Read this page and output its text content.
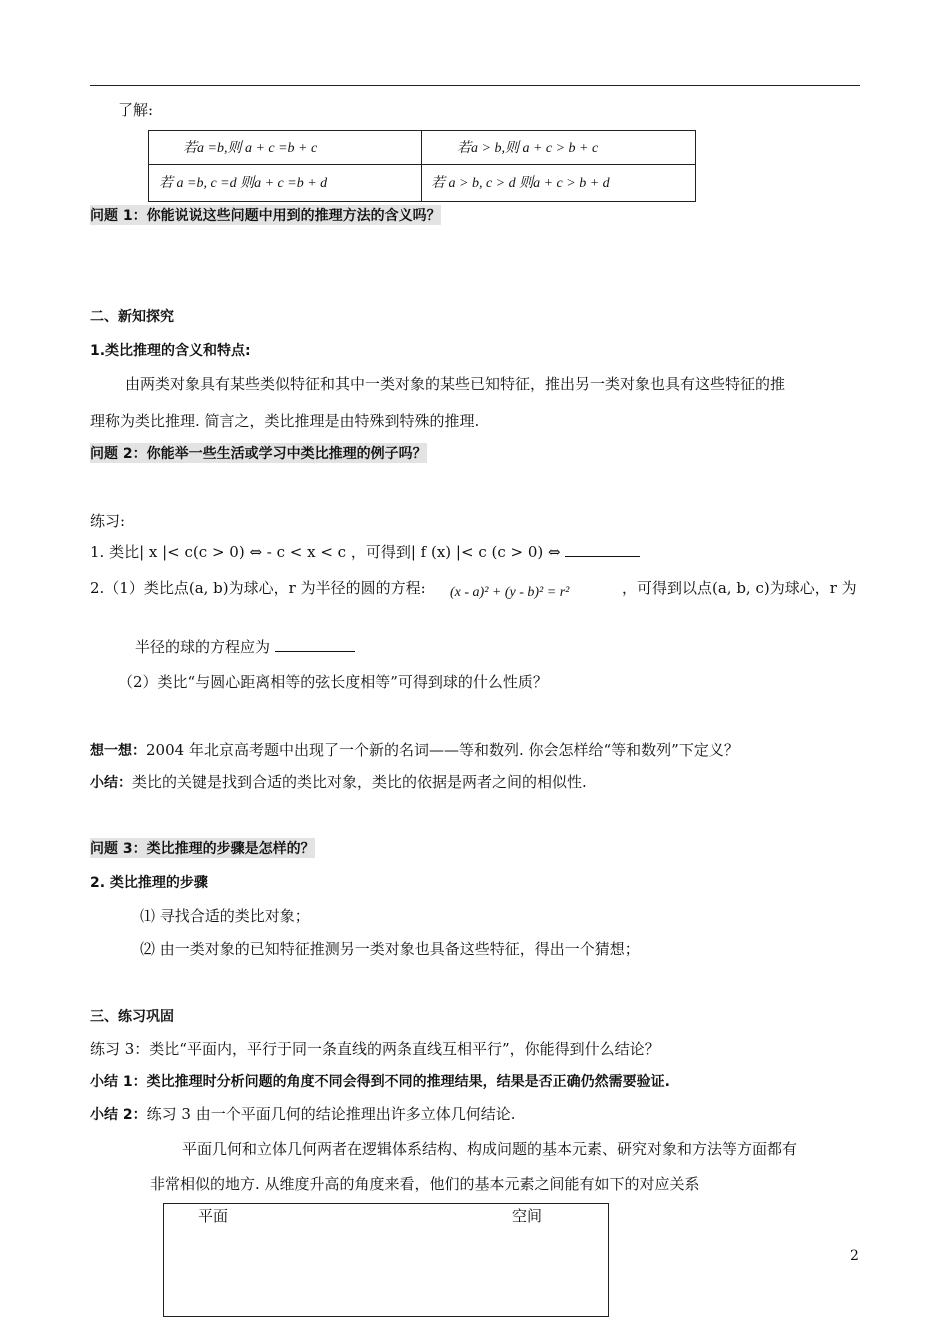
了解:
若a =b,则 a + c =b + c	若a > b,则 a + c > b + c
若 a =b, c =d 则a + c =b + d	若 a > b, c > d 则a + c > b + d
问题 1：你能说说这些问题中用到的推理方法的含义吗？
二、新知探究
1.类比推理的含义和特点:
由两类对象具有某些类似特征和其中一类对象的某些已知特征，推出另一类对象也具有这些特征的推
理称为类比推理. 简言之，类比推理是由特殊到特殊的推理.
问题 2：你能举一些生活或学习中类比推理的例子吗？
练习:
1. 类比| x |< c(c > 0) ⇔ - c < x < c ，可得到| f (x) |< c (c > 0) ⇔
2.（1）类比点(a, b)为球心，r 为半径的圆的方程: (x - a)² + (y - b)² = r²	，可得到以点(a, b, c)为球心，r 为
半径的球的方程应为
（2）类比“与圆心距离相等的弦长度相等”可得到球的什么性质？
想一想：2004 年北京高考题中出现了一个新的名词——等和数列. 你会怎样给“等和数列”下定义？
小结：类比的关键是找到合适的类比对象，类比的依据是两者之间的相似性.
问题 3：类比推理的步骤是怎样的？
2. 类比推理的步骤
⑴ 寻找合适的类比对象；
⑵ 由一类对象的已知特征推测另一类对象也具备这些特征，得出一个猜想；
三、练习巩固
练习 3：类比“平面内，平行于同一条直线的两条直线互相平行”，你能得到什么结论？
小结 1：类比推理时分析问题的角度不同会得到不同的推理结果，结果是否正确仍然需要验证.
小结 2：练习 3 由一个平面几何的结论推理出许多立体几何结论.
平面几何和立体几何两者在逻辑体系结构、构成问题的基本元素、研究对象和方法等方面都有
非常相似的地方. 从维度升高的角度来看，他们的基本元素之间能有如下的对应关系
平面	空间
2
